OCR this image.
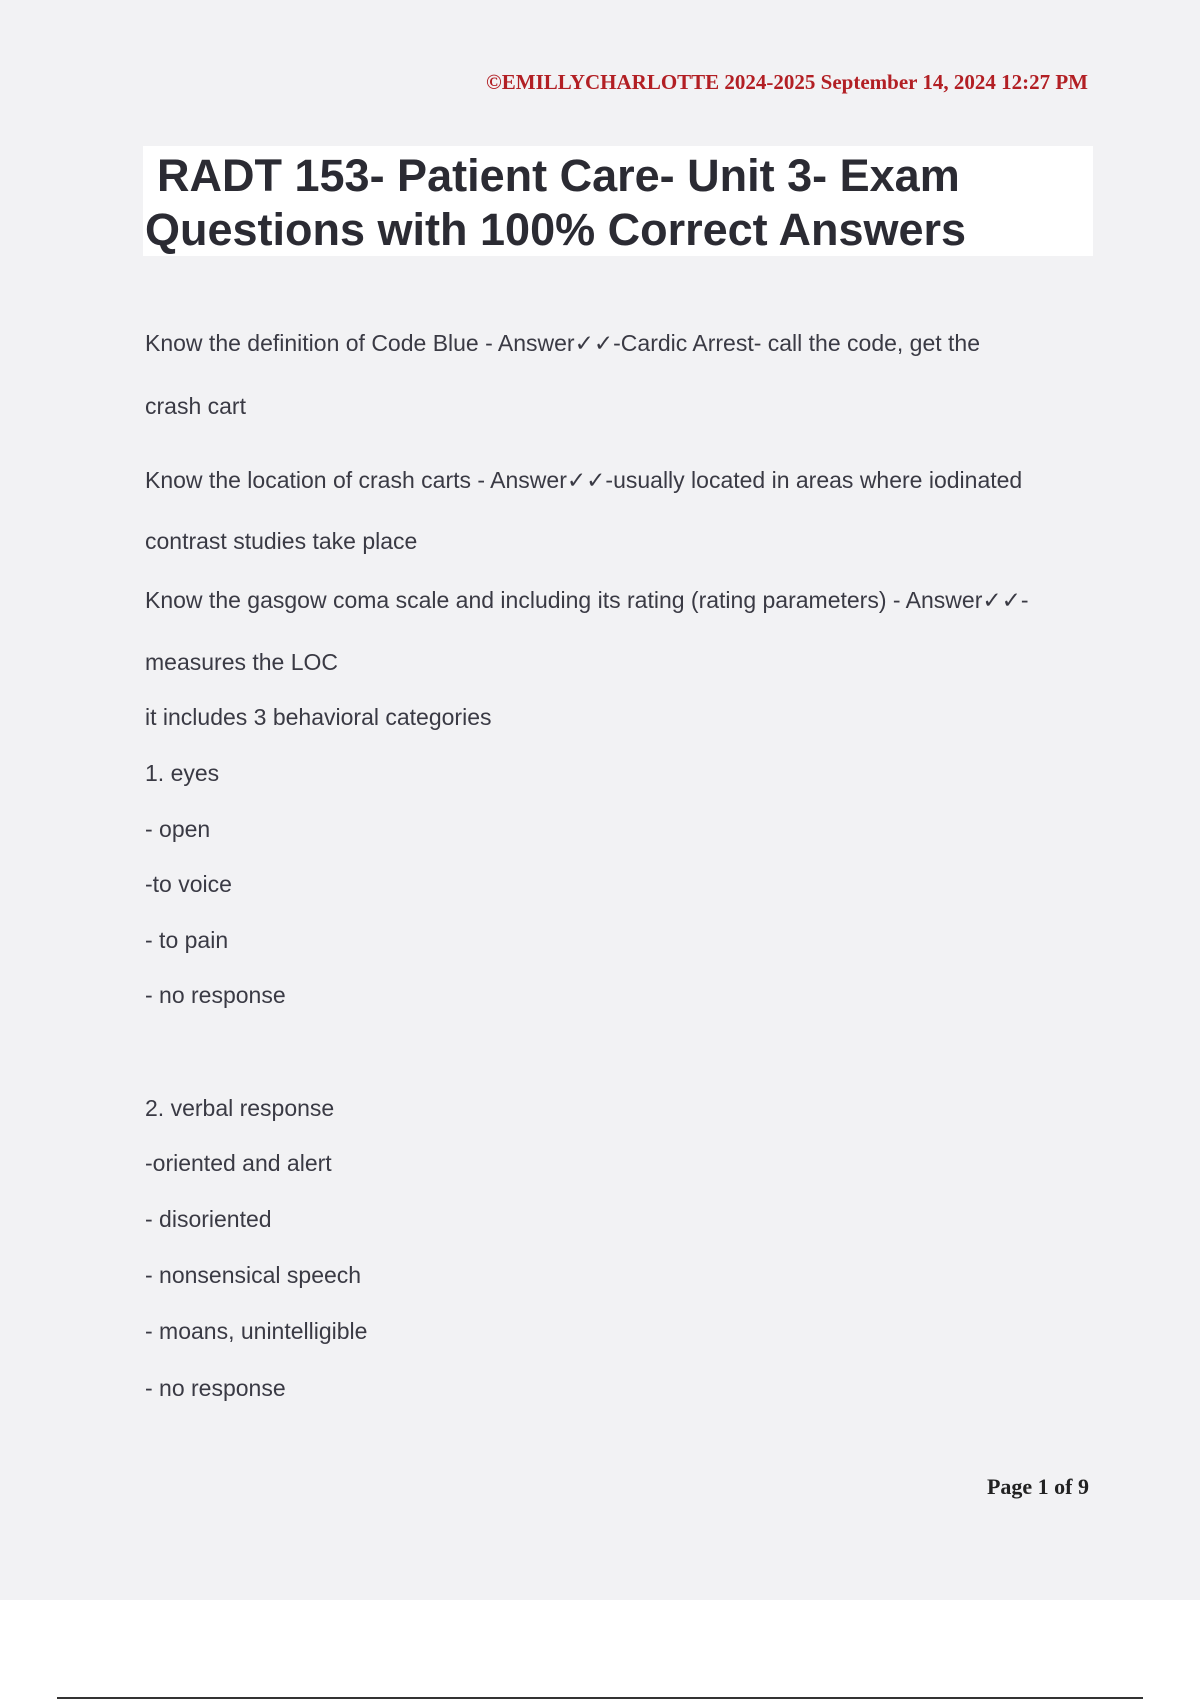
©EMILLYCHARLOTTE 2024-2025 September 14, 2024 12:27 PM
RADT 153- Patient Care- Unit 3- Exam
Questions with 100% Correct Answers
Know the definition of Code Blue - Answer✓✓-Cardic Arrest- call the code, get the
crash cart
Know the location of crash carts - Answer✓✓-usually located in areas where iodinated
contrast studies take place
Know the gasgow coma scale and including its rating (rating parameters) - Answer✓✓-
measures the LOC
it includes 3 behavioral categories
1. eyes
- open
-to voice
- to pain
- no response
2. verbal response
-oriented and alert
- disoriented
- nonsensical speech
- moans, unintelligible
- no response
Page 1 of 9
